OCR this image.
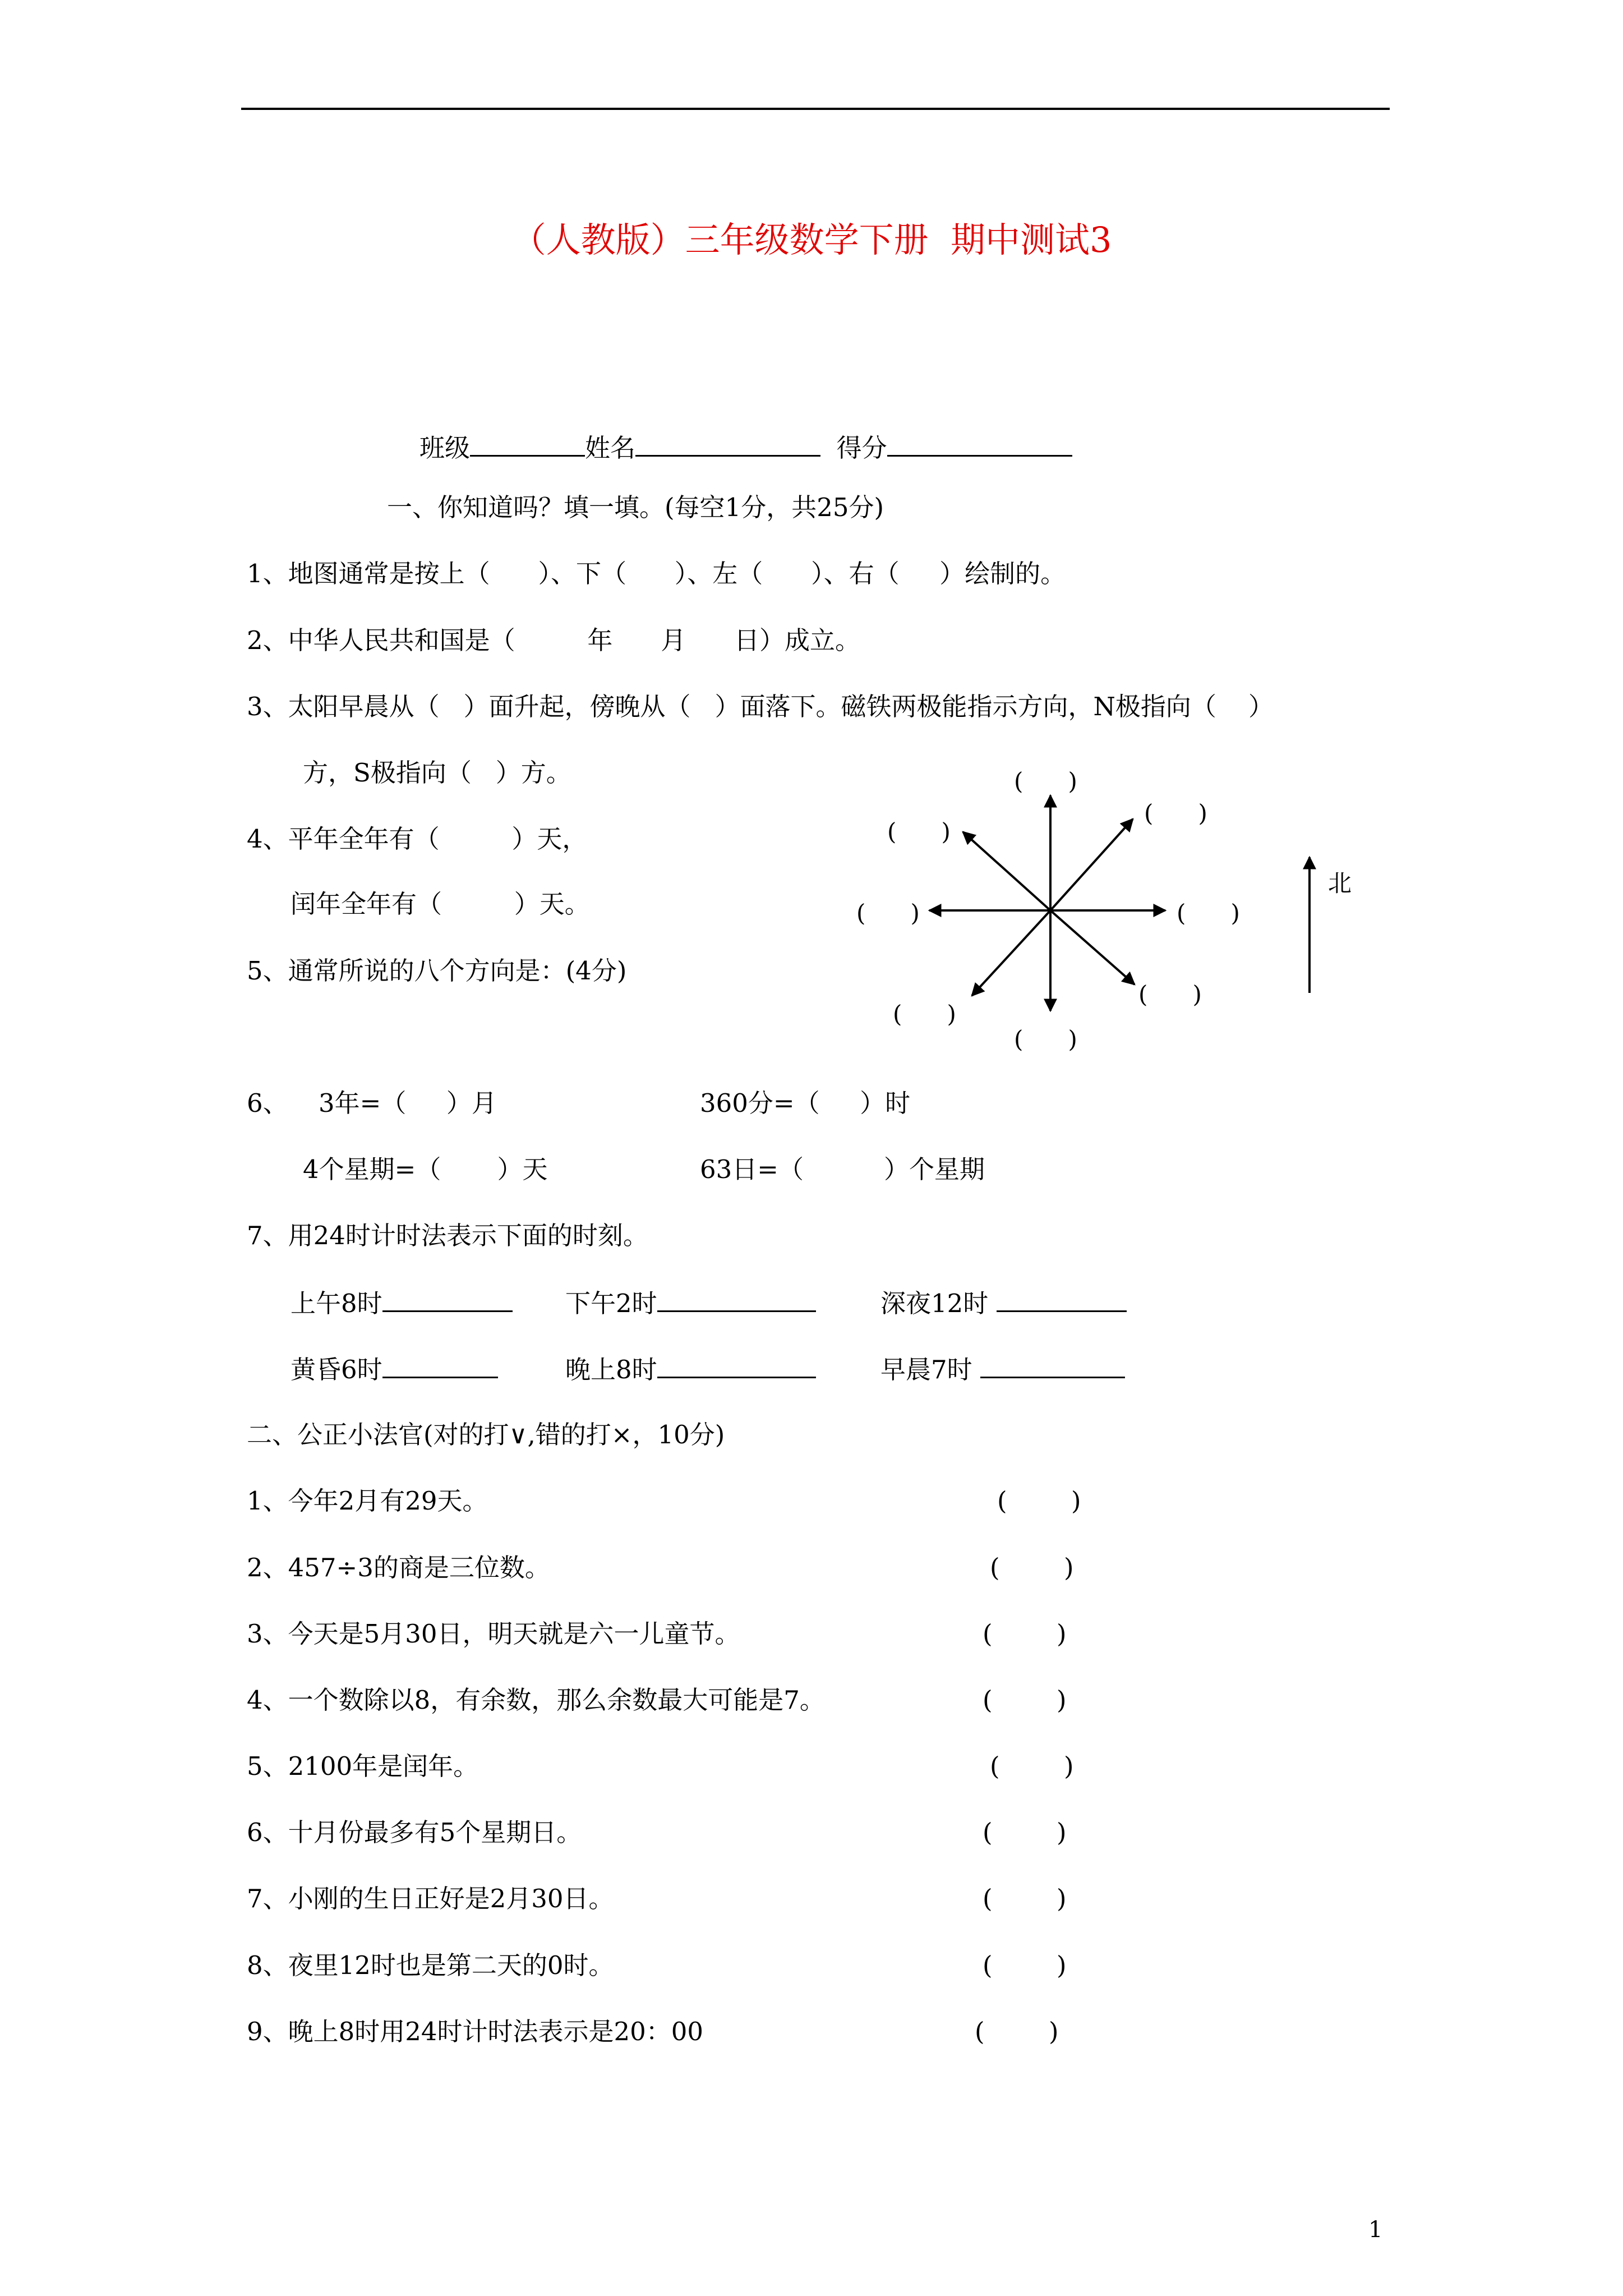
（人教版）三年级数学下册  期中测试3
班级	姓名	得分
一、你知道吗？填一填。(每空1分，共25分)
1、地图通常是按上（      ）、下（      ）、左（      ）、右（     ）绘制的。
2、中华人民共和国是（         年      月      日）成立。
3、太阳早晨从（   ）面升起，傍晚从（   ）面落下。磁铁两极能指示方向，N极指向（    ）
方，S极指向（   ）方。
4、平年全年有（         ）天，
闰年全年有（         ）天。
5、通常所说的八个方向是：(4分)
(      )
(      )
(      )
(      )	(      )
(      )
(      )
(      )
北
6、 3年=（     ）月	360分=（     ）时
4个星期=（       ）天	63日=（          ）个星期
7、用24时计时法表示下面的时刻。
上午8时	下午2时	深夜12时
黄昏6时	晚上8时	早晨7时
二、公正小法官(对的打∨,错的打×，10分)
1、今年2月有29天。	(        )
2、457÷3的商是三位数。	(        )
3、今天是5月30日，明天就是六一儿童节。	(        )
4、一个数除以8，有余数，那么余数最大可能是7。	(        )
5、2100年是闰年。	(        )
6、十月份最多有5个星期日。	(        )
7、小刚的生日正好是2月30日。	(        )
8、夜里12时也是第二天的0时。	(        )
9、晚上8时用24时计时法表示是20：00	(        )
1
